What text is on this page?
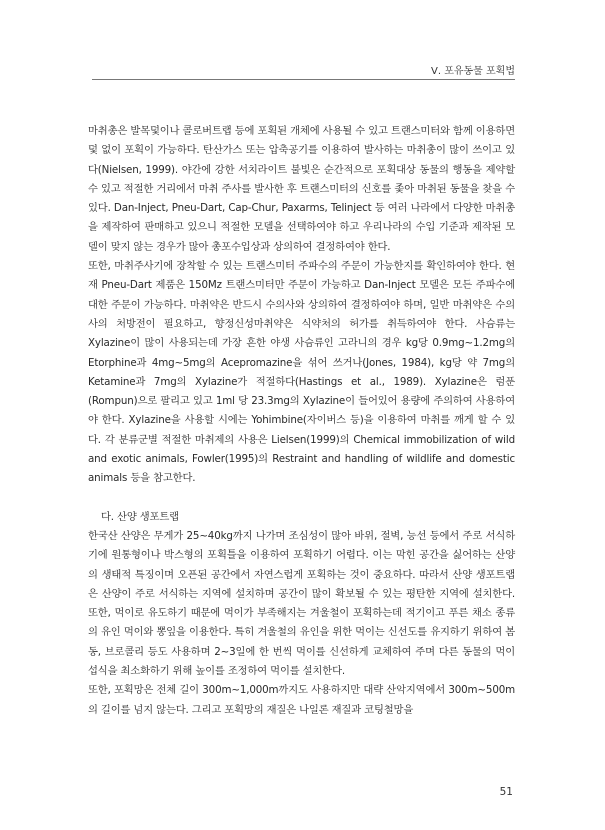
Ⅴ. 포유동물 포획법

마취총은 발목덫이나 콜로버트랩 등에 포획된 개체에 사용될 수 있고 트랜스미터와 함께 이용하면 덫 없이 포획이 가능하다. 탄산가스 또는 압축공기를 이용하여 발사하는 마취총이 많이 쓰이고 있다(Nielsen, 1999). 야간에 강한 서치라이트 불빛은 순간적으로 포획대상 동물의 행동을 제약할 수 있고 적절한 거리에서 마취 주사를 발사한 후 트랜스미터의 신호를 좇아 마취된 동물을 찾을 수 있다. Dan-Inject, Pneu-Dart, Cap-Chur, Paxarms, Telinject 등 여러 나라에서 다양한 마취총을 제작하여 판매하고 있으니 적절한 모델을 선택하여야 하고 우리나라의 수입 기준과 제작된 모델이 맞지 않는 경우가 많아 총포수입상과 상의하여 결정하여야 한다.

또한, 마취주사기에 장착할 수 있는 트랜스미터 주파수의 주문이 가능한지를 확인하여야 한다. 현재 Pneu-Dart 제품은 150Mz 트랜스미터만 주문이 가능하고 Dan-Inject 모델은 모든 주파수에 대한 주문이 가능하다. 마취약은 반드시 수의사와 상의하여 결정하여야 하며, 일반 마취약은 수의사의 처방전이 필요하고, 향정신성마취약은 식약처의 허가를 취득하여야 한다. 사슴류는 Xylazine이 많이 사용되는데 가장 흔한 야생 사슴류인 고라니의 경우 kg당 0.9mg~1.2mg의 Etorphine과 4mg~5mg의 Acepromazine을 섞어 쓰거나(Jones, 1984), kg당 약 7mg의 Ketamine과 7mg의 Xylazine가 적절하다(Hastings et al., 1989). Xylazine은 럼푼(Rompun)으로 팔리고 있고 1ml 당 23.3mg의 Xylazine이 들어있어 용량에 주의하여 사용하여야 한다. Xylazine을 사용할 시에는 Yohimbine(자이버스 등)을 이용하여 마취를 깨게 할 수 있다. 각 분류군별 적절한 마취제의 사용은 Lielsen(1999)의 Chemical immobilization of wild and exotic animals, Fowler(1995)의 Restraint and handling of wildlife and domestic animals 등을 참고한다.

다. 산양 생포트랩

한국산 산양은 무게가 25~40kg까지 나가며 조심성이 많아 바위, 절벽, 능선 등에서 주로 서식하기에 원통형이나 박스형의 포획틀을 이용하여 포획하기 어렵다. 이는 막힌 공간을 싫어하는 산양의 생태적 특징이며 오픈된 공간에서 자연스럽게 포획하는 것이 중요하다. 따라서 산양 생포트랩은 산양이 주로 서식하는 지역에 설치하며 공간이 많이 확보될 수 있는 평탄한 지역에 설치한다. 또한, 먹이로 유도하기 때문에 먹이가 부족해지는 겨울철이 포획하는데 적기이고 푸른 채소 종류의 유인 먹이와 뽕잎을 이용한다. 특히 겨울철의 유인을 위한 먹이는 신선도를 유지하기 위하여 봄동, 브로콜리 등도 사용하며 2~3일에 한 번씩 먹이를 신선하게 교체하여 주며 다른 동물의 먹이 섭식을 최소화하기 위해 높이를 조정하여 먹이를 설치한다.

또한, 포획망은 전체 길이 300m~1,000m까지도 사용하지만 대략 산악지역에서 300m~500m의 길이를 넘지 않는다. 그리고 포획망의 재질은 나일론 재질과 코팅철망을

51
